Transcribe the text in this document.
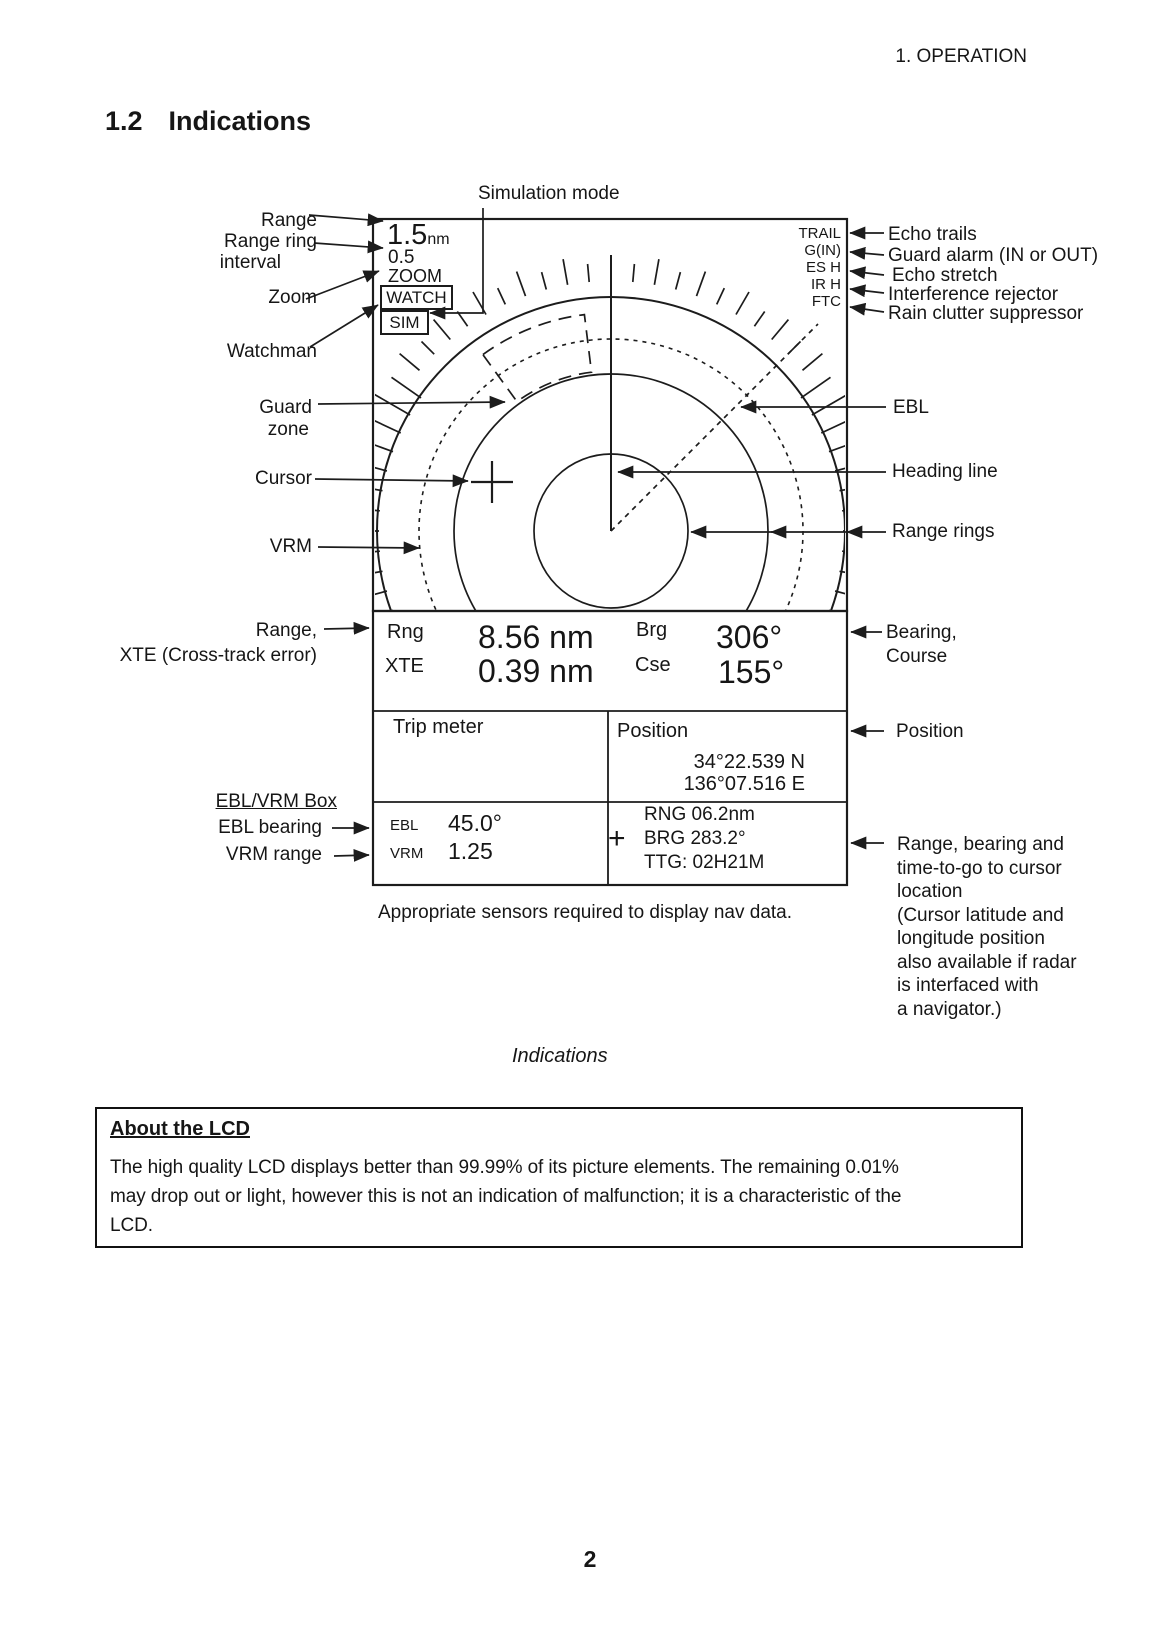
1. OPERATION
1.2 Indications
Simulation mode
Range
Range ring
interval
Zoom
Watchman
Guard
zone
Cursor
VRM
Range,
XTE (Cross-track error)
EBL/VRM Box
EBL bearing
VRM range
Echo trails
Guard alarm (IN or OUT)
Echo stretch
Interference rejector
Rain clutter suppressor
EBL
Heading line
Range rings
Bearing,
Course
Position
Range, bearing and
time-to-go to cursor
location
(Cursor latitude and
longitude position
also available if radar
is interfaced with
a navigator.)
1.5nm
0.5
ZOOM
WATCH
SIM
TRAIL
G(IN)
ES H
IR H
FTC
Rng 8.56 nm
XTE 0.39 nm
Brg 306°
Cse 155°
Trip meter	Position
34°22.539 N
136°07.516 E
EBL 45.0°
VRM 1.25	+
RNG 06.2nm
BRG 283.2°
TTG: 02H21M
Appropriate sensors required to display nav data.
Indications
About the LCD
The high quality LCD displays better than 99.99% of its picture elements. The remaining 0.01%
may drop out or light, however this is not an indication of malfunction; it is a characteristic of the
LCD.
2
